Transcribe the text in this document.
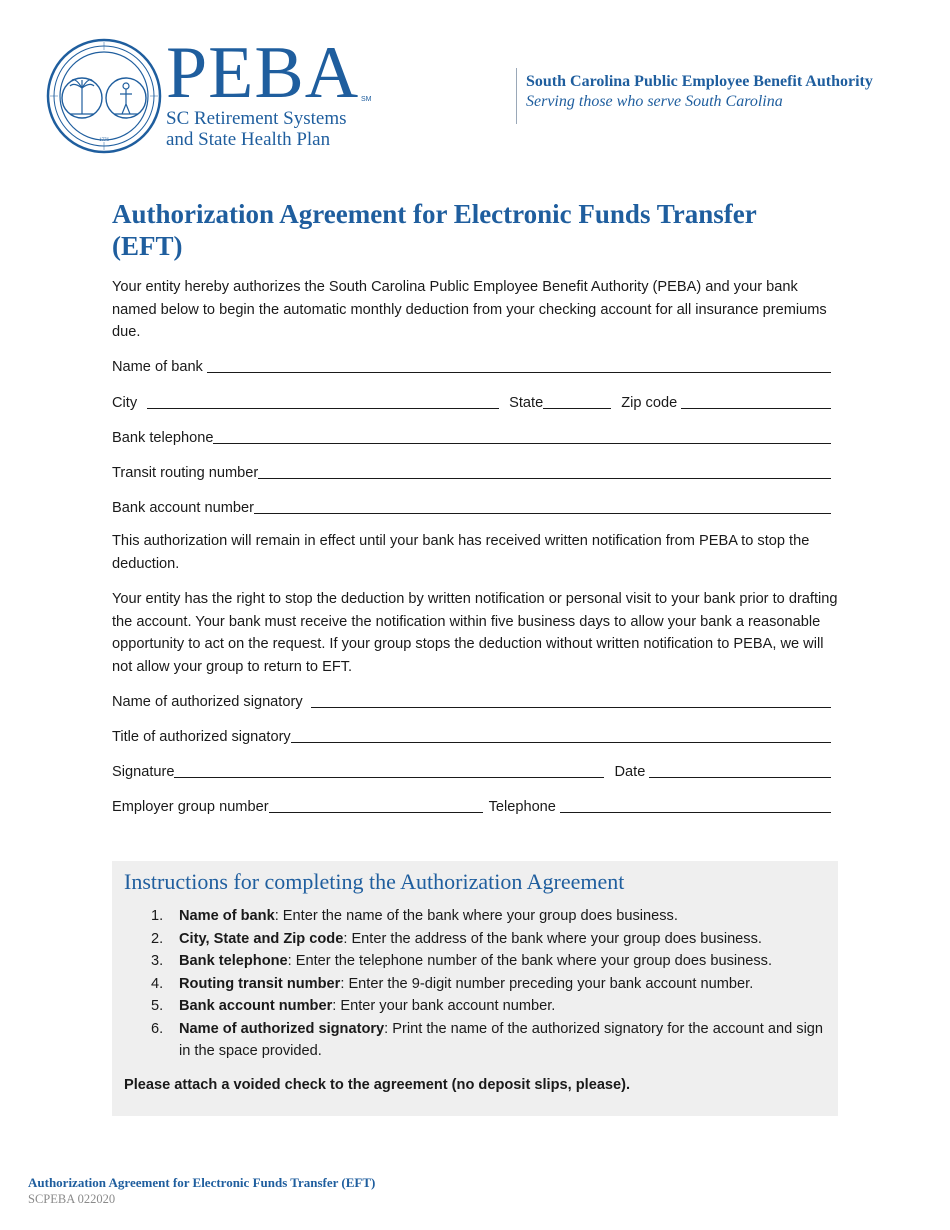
1776
PEBA SM
SC Retirement Systems
and State Health Plan
South Carolina Public Employee Benefit Authority
Serving those who serve South Carolina
Authorization Agreement for Electronic Funds Transfer (EFT)

Your entity hereby authorizes the South Carolina Public Employee Benefit Authority (PEBA) and your bank named below to begin the automatic monthly deduction from your checking account for all insurance premiums due.

Name of bank
City	State	Zip code
Bank telephone
Transit routing number
Bank account number

This authorization will remain in effect until your bank has received written notification from PEBA to stop the deduction.

Your entity has the right to stop the deduction by written notification or personal visit to your bank prior to drafting the account. Your bank must receive the notification within five business days to allow your bank a reasonable opportunity to act on the request. If your group stops the deduction without written notification to PEBA, we will not allow your group to return to EFT.

Name of authorized signatory
Title of authorized signatory
Signature	Date
Employer group number	Telephone
Instructions for completing the Authorization Agreement
1. Name of bank: Enter the name of the bank where your group does business.
2. City, State and Zip code: Enter the address of the bank where your group does business.
3. Bank telephone: Enter the telephone number of the bank where your group does business.
4. Routing transit number: Enter the 9-digit number preceding your bank account number.
5. Bank account number: Enter your bank account number.
6. Name of authorized signatory: Print the name of the authorized signatory for the account and sign in the space provided.
Please attach a voided check to the agreement (no deposit slips, please).
Authorization Agreement for Electronic Funds Transfer (EFT)
SCPEBA 022020
